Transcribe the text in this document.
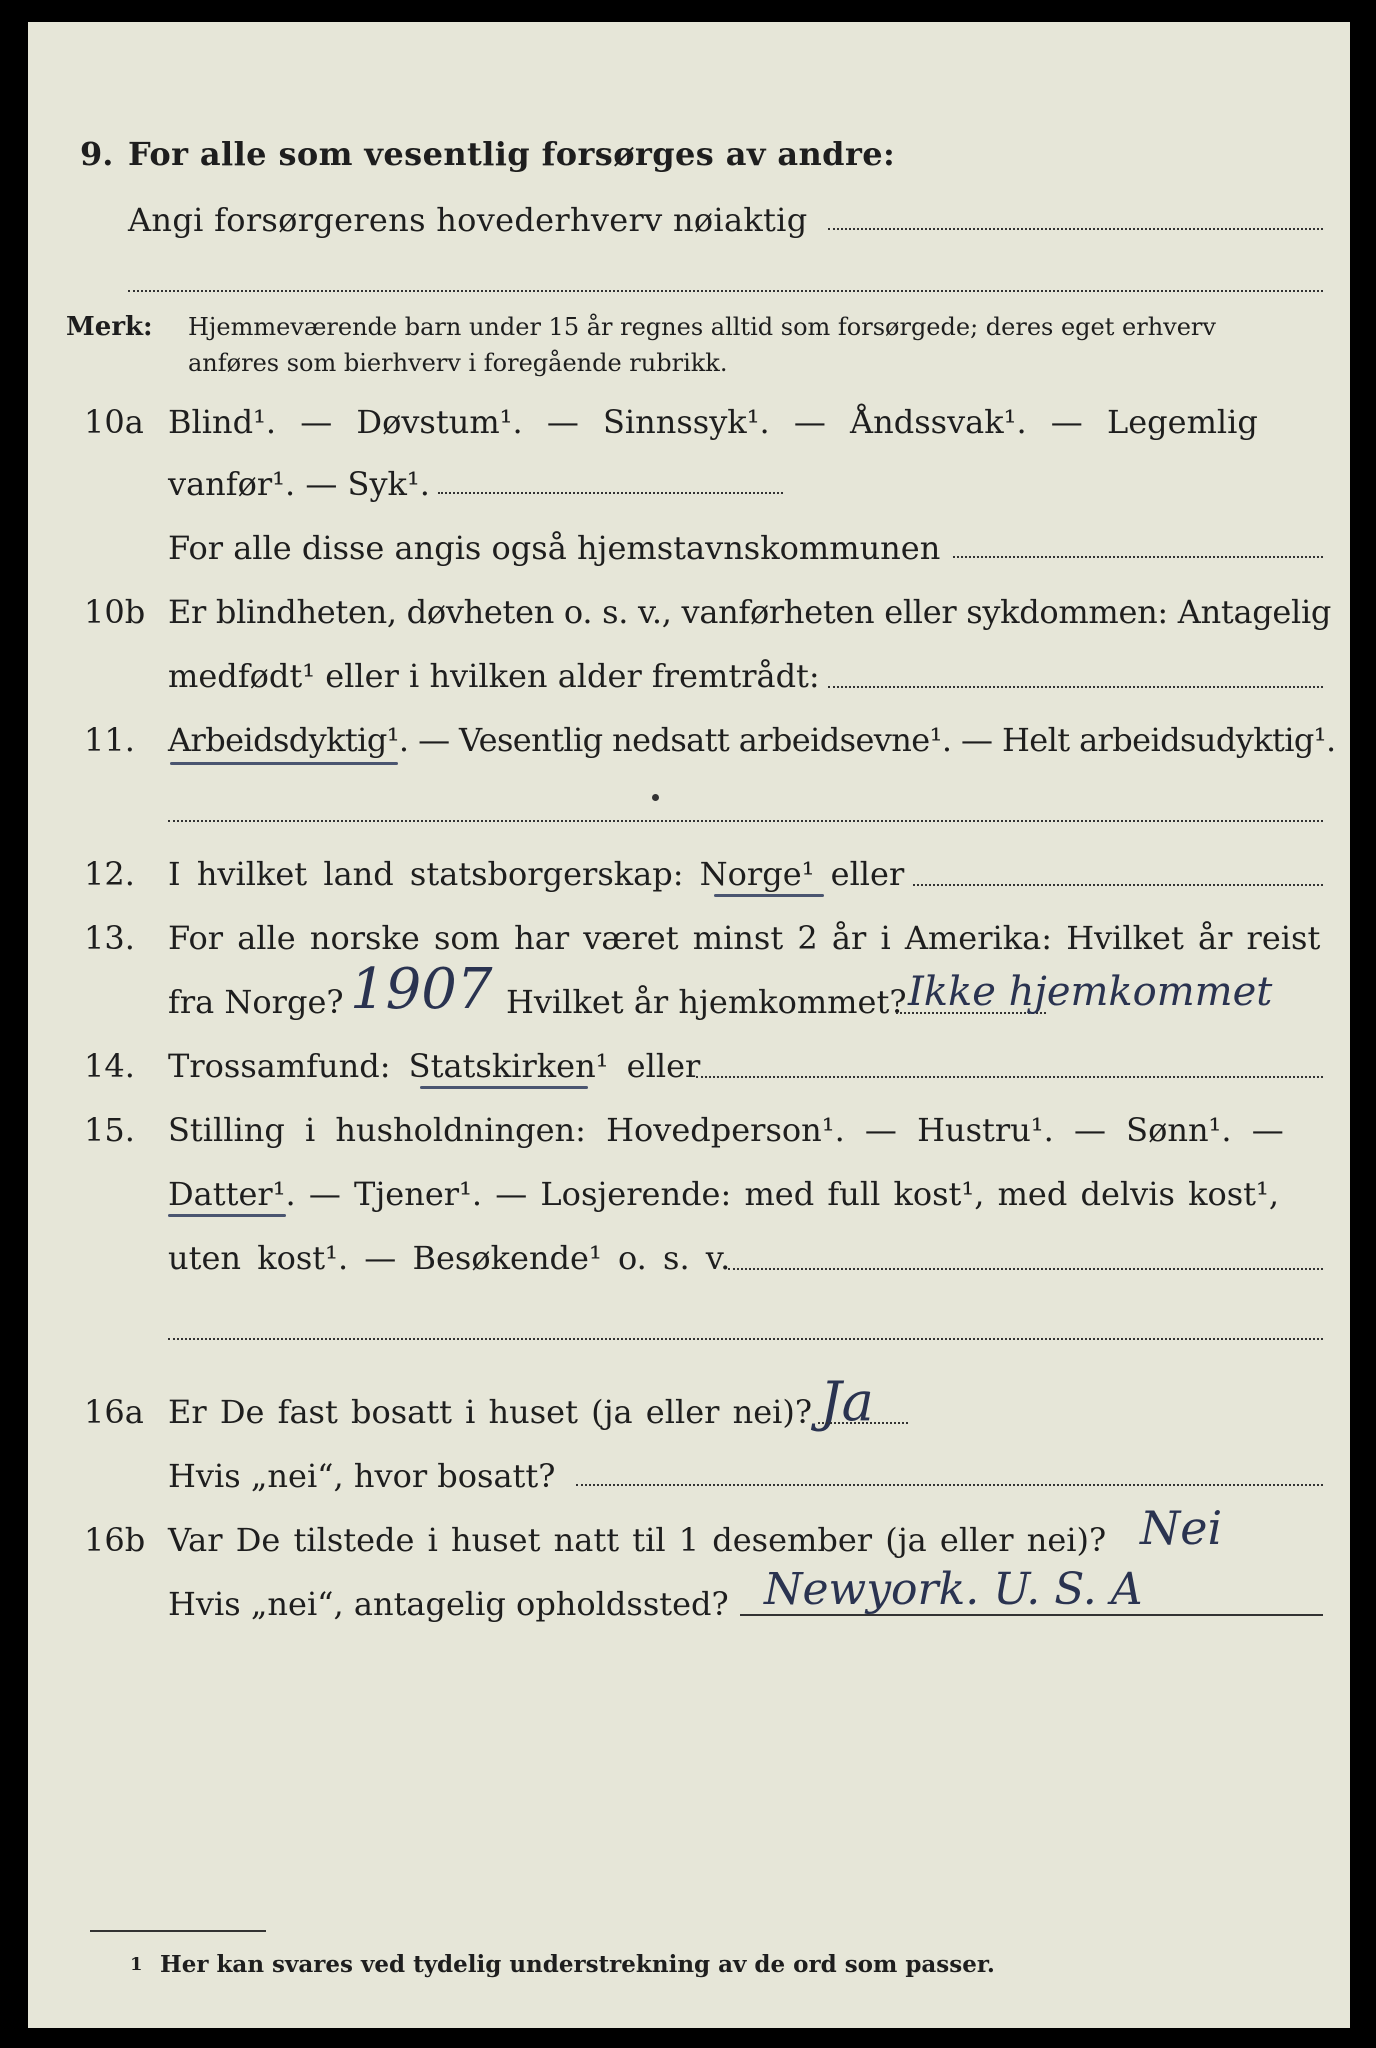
9. For alle som vesentlig forsørges av andre:
Angi forsørgerens hovederhverv nøiaktig
Merk: Hjemmeværende barn under 15 år regnes alltid som forsørgede; deres eget erhverv
anføres som bierhverv i foregående rubrikk.
10a Blind¹. — Døvstum¹. — Sinnssyk¹. — Åndssvak¹. — Legemlig
vanfør¹. — Syk¹.
For alle disse angis også hjemstavnskommunen
10b Er blindheten, døvheten o. s. v., vanførheten eller sykdommen: Antagelig
medfødt¹ eller i hvilken alder fremtrådt:
11. Arbeidsdyktig¹. — Vesentlig nedsatt arbeidsevne¹. — Helt arbeidsudyktig¹.
12. I hvilket land statsborgerskap: Norge¹ eller
13. For alle norske som har været minst 2 år i Amerika: Hvilket år reist
fra Norge? 1907 Hvilket år hjemkommet? Ikke hjemkommet
14. Trossamfund: Statskirken¹ eller
15. Stilling i husholdningen: Hovedperson¹. — Hustru¹. — Sønn¹. —
Datter¹. — Tjener¹. — Losjerende: med full kost¹, med delvis kost¹,
uten kost¹. — Besøkende¹ o. s. v.
16a Er De fast bosatt i huset (ja eller nei)? Ja
Hvis „nei“, hvor bosatt?
16b Var De tilstede i huset natt til 1 desember (ja eller nei)? Nei
Hvis „nei“, antagelig opholdssted? Newyork. U. S. A
1 Her kan svares ved tydelig understrekning av de ord som passer.
